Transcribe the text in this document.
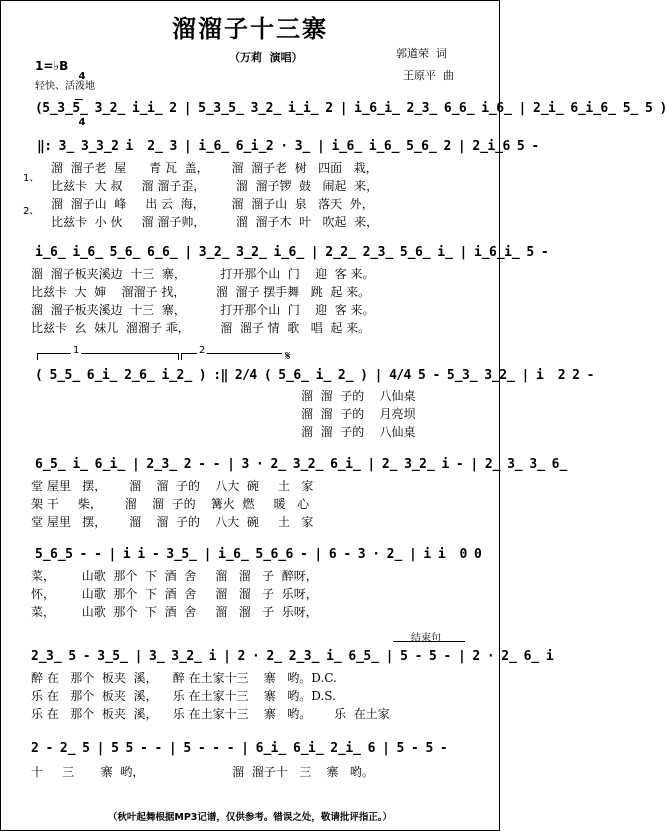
溜溜子十三寨
（万莉  演唱）
1=♭B

4

4

轻快、活泼地
郭道荣  词
王原平  曲
(5̲3̲5̲ 3̲2̲ i̲i̲ 2 | 5̲3̲5̲ 3̲2̲ i̲i̲ 2 | i̲6̲i̲ 2̲3̲ 6̲6̲ i̲6̲ | 2̲i̲ 6̲i̲6̲ 5̲ 5 )
‖: 3̲ 3̲3̲2 i  2̲ 3 | i̲6̲ 6̲i̲2 · 3̲ | i̲6̲ i̲6̲ 5̲6̲ 2 | 2̲i̲6 5 -
1、
2、
溜  溜子老  屋      青 瓦  盖，      溜  溜子老  树   四面   栽，
比兹卡  大 叔     溜 溜子歪，        溜  溜子锣  鼓   闹起  来，
溜  溜子山  峰     出 云  海，       溜  溜子山  泉   落天  外，
比兹卡  小 伙     溜 溜子帅，        溜  溜子木  叶   吹起  来，
i̲6̲ i̲6̲ 5̲6̲ 6̲6̲ | 3̲2̲ 3̲2̲ i̲6̲ | 2̲2̲ 2̲3̲ 5̲6̲ i̲ | i̲6̲i̲ 5 -
溜  溜子板夹溪边  十三  寨，         打开那个山  门    迎  客 来。
比兹卡  大  婶    溜溜子 找，        溜  溜子 摆手舞   跳  起 来。
溜  溜子板夹溪边  十三  寨，         打开那个山  门    迎  客 来。
比兹卡  幺  妹儿  溜溜子 乖，        溜  溜子 情  歌   唱  起 来。
1	2	𝄋
( 5̲5̲ 6̲i̲ 2̲6̲ i̲2̲ ) :‖ 2/4 ( 5̲6̲ i̲ 2̲ ) | 4/4 5 - 5̲3̲ 3̲2̲ | i  2 2 -
溜  溜  子的    八仙桌
溜  溜  子的    月亮坝
溜  溜  子的    八仙桌
6̲5̲ i̲ 6̲i̲ | 2̲3̲ 2 - - | 3 · 2̲ 3̲2̲ 6̲i̲ | 2̲ 3̲2̲ i - | 2̲ 3̲ 3̲ 6̲
堂 屋里   摆，      溜    溜  子的    八大  碗     土   家
架 干     柴，      溜    溜  子的    篝火  燃     暖   心
堂 屋里   摆，      溜    溜  子的    八大  碗     土   家
5̲6̲5 - - | i i - 3̲5̲ | i̲6̲ 5̲6̲6 - | 6 - 3 · 2̲ | i i  0 0
菜，       山歌  那个  下  酒  舍     溜   溜   子  醉呀，
怀，       山歌  那个  下  酒  舍     溜   溜   子  乐呀，
菜，       山歌  那个  下  酒  舍     溜   溜   子  乐呀，
结束句
2̲3̲ 5 - 3̲5̲ | 3̲ 3̲2̲ i | 2 · 2̲ 2̲3̲ i̲ 6̲5̲ | 5 - 5 - | 2 · 2̲ 6̲ i
醉 在   那个  板夹  溪，    醉 在土家十三    寨   哟。D.C.
乐 在   那个  板夹  溪，    乐 在土家十三    寨   哟。D.S.
乐 在   那个  板夹  溪，    乐 在土家十三    寨   哟。      乐  在土家
2 - 2̲ 5 | 5 5 - - | 5 - - - | 6̲i̲ 6̲i̲ 2̲i̲ 6 | 5 - 5 -
十     三       寨  哟，                       溜  溜子十   三    寨   哟。
（秋叶起舞根据MP3记谱，仅供参考。错误之处，敬请批评指正。）
